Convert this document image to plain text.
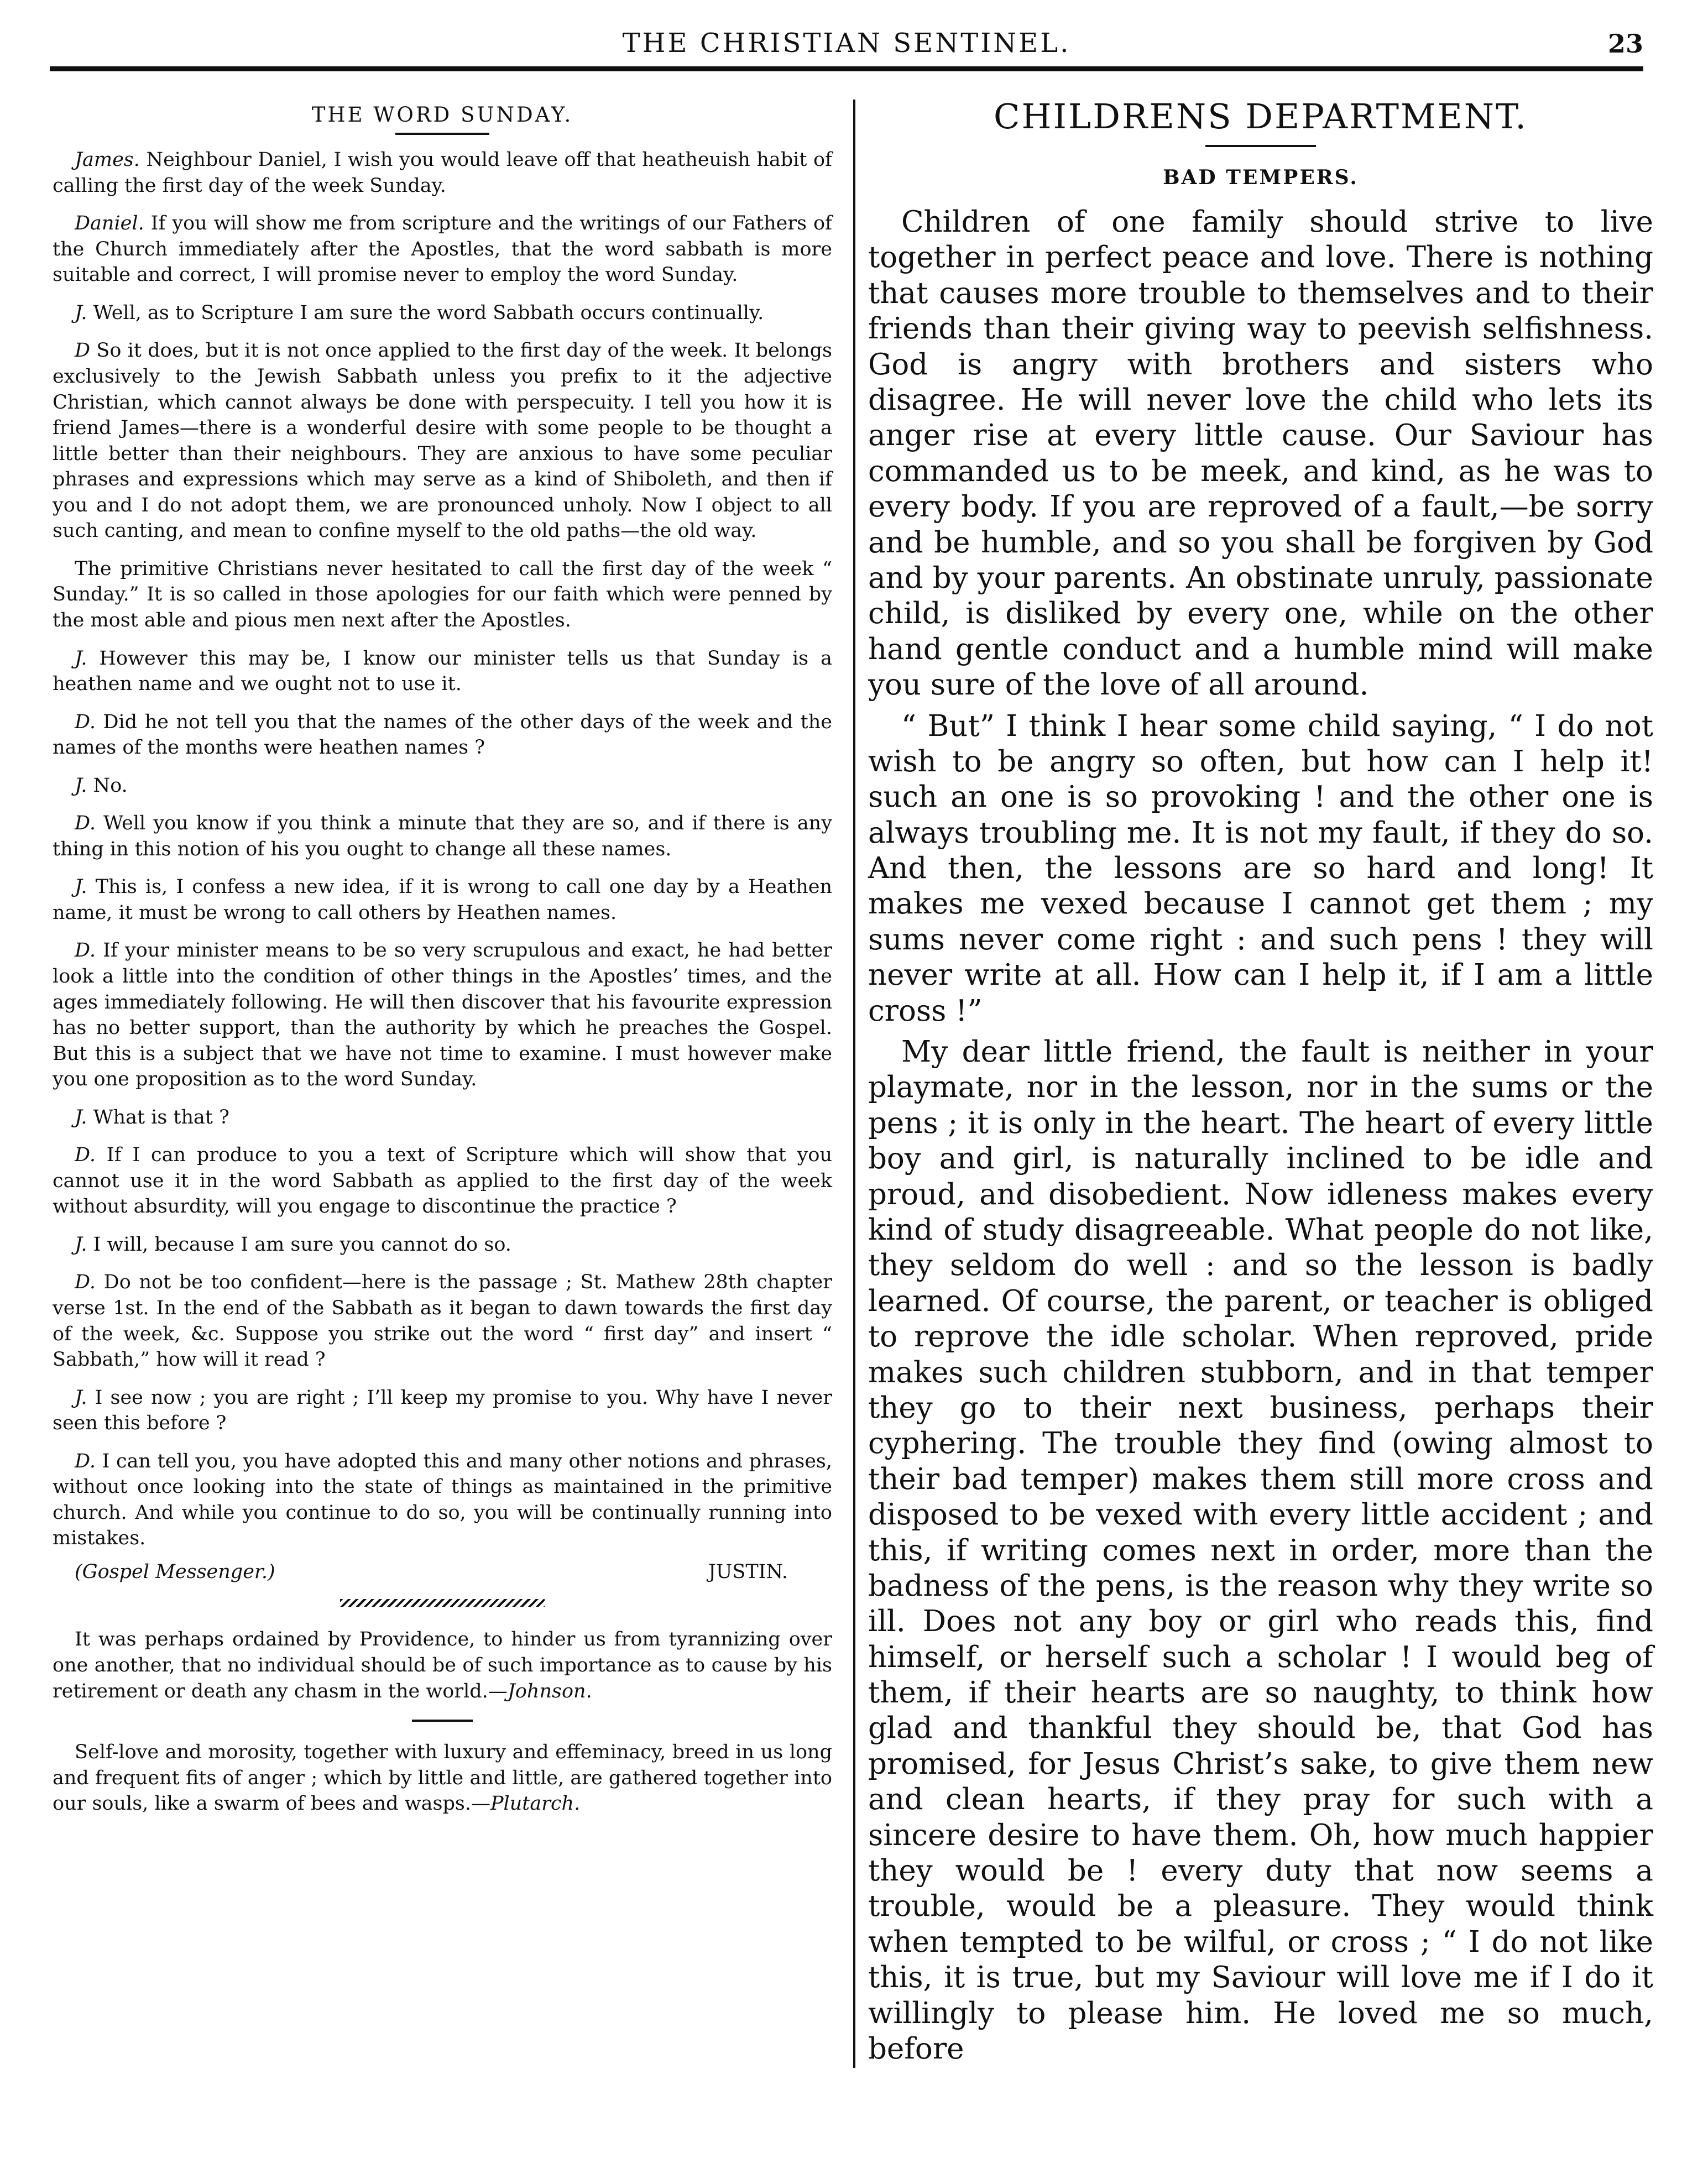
THE CHRISTIAN SENTINEL.	23
THE WORD SUNDAY.

James. Neighbour Daniel, I wish you would leave off that heatheuish habit of calling the first day of the week Sunday.

Daniel. If you will show me from scripture and the writings of our Fathers of the Church immediately after the Apostles, that the word sabbath is more suitable and correct, I will promise never to employ the word Sunday.

J. Well, as to Scripture I am sure the word Sabbath occurs continually.

D So it does, but it is not once applied to the first day of the week. It belongs exclusively to the Jewish Sabbath unless you prefix to it the adjective Christian, which cannot always be done with perspecuity. I tell you how it is friend James—there is a wonderful desire with some people to be thought a little better than their neighbours. They are anxious to have some peculiar phrases and expressions which may serve as a kind of Shiboleth, and then if you and I do not adopt them, we are pronounced unholy. Now I object to all such canting, and mean to confine myself to the old paths—the old way.

The primitive Christians never hesitated to call the first day of the week “ Sunday.” It is so called in those apologies for our faith which were penned by the most able and pious men next after the Apostles.

J. However this may be, I know our minister tells us that Sunday is a heathen name and we ought not to use it.

D. Did he not tell you that the names of the other days of the week and the names of the months were heathen names ?

J. No.

D. Well you know if you think a minute that they are so, and if there is any thing in this notion of his you ought to change all these names.

J. This is, I confess a new idea, if it is wrong to call one day by a Heathen name, it must be wrong to call others by Heathen names.

D. If your minister means to be so very scrupulous and exact, he had better look a little into the condition of other things in the Apostles’ times, and the ages immediately following. He will then discover that his favourite expression has no better support, than the authority by which he preaches the Gospel. But this is a subject that we have not time to examine. I must however make you one proposition as to the word Sunday.

J. What is that ?

D. If I can produce to you a text of Scripture which will show that you cannot use it in the word Sabbath as applied to the first day of the week without absurdity, will you engage to discontinue the practice ?

J. I will, because I am sure you cannot do so.

D. Do not be too confident—here is the passage ; St. Mathew 28th chapter verse 1st. In the end of the Sabbath as it began to dawn towards the first day of the week, &c. Suppose you strike out the word “ first day” and insert “ Sabbath,” how will it read ?

J. I see now ; you are right ; I’ll keep my promise to you. Why have I never seen this before ?

D. I can tell you, you have adopted this and many other notions and phrases, without once looking into the state of things as maintained in the primitive church. And while you continue to do so, you will be continually running into mistakes.

(Gospel Messenger.)	JUSTIN.

It was perhaps ordained by Providence, to hinder us from tyrannizing over one another, that no individual should be of such importance as to cause by his retirement or death any chasm in the world.—Johnson.

Self-love and morosity, together with luxury and effeminacy, breed in us long and frequent fits of anger ; which by little and little, are gathered together into our souls, like a swarm of bees and wasps.—Plutarch.

CHILDRENS DEPARTMENT.
BAD TEMPERS.

Children of one family should strive to live together in perfect peace and love. There is nothing that causes more trouble to themselves and to their friends than their giving way to peevish selfishness. God is angry with brothers and sisters who disagree. He will never love the child who lets its anger rise at every little cause. Our Saviour has commanded us to be meek, and kind, as he was to every body. If you are reproved of a fault,—be sorry and be humble, and so you shall be forgiven by God and by your parents. An obstinate unruly, passionate child, is disliked by every one, while on the other hand gentle conduct and a humble mind will make you sure of the love of all around.

“ But” I think I hear some child saying, “ I do not wish to be angry so often, but how can I help it! such an one is so provoking ! and the other one is always troubling me. It is not my fault, if they do so. And then, the lessons are so hard and long! It makes me vexed because I cannot get them ; my sums never come right : and such pens ! they will never write at all. How can I help it, if I am a little cross !”

My dear little friend, the fault is neither in your playmate, nor in the lesson, nor in the sums or the pens ; it is only in the heart. The heart of every little boy and girl, is naturally inclined to be idle and proud, and disobedient. Now idleness makes every kind of study disagreeable. What people do not like, they seldom do well : and so the lesson is badly learned. Of course, the parent, or teacher is obliged to reprove the idle scholar. When reproved, pride makes such children stubborn, and in that temper they go to their next business, perhaps their cyphering. The trouble they find (owing almost to their bad temper) makes them still more cross and disposed to be vexed with every little accident ; and this, if writing comes next in order, more than the badness of the pens, is the reason why they write so ill. Does not any boy or girl who reads this, find himself, or herself such a scholar ! I would beg of them, if their hearts are so naughty, to think how glad and thankful they should be, that God has promised, for Jesus Christ’s sake, to give them new and clean hearts, if they pray for such with a sincere desire to have them. Oh, how much happier they would be ! every duty that now seems a trouble, would be a pleasure. They would think when tempted to be wilful, or cross ; “ I do not like this, it is true, but my Saviour will love me if I do it willingly to please him. He loved me so much, before
